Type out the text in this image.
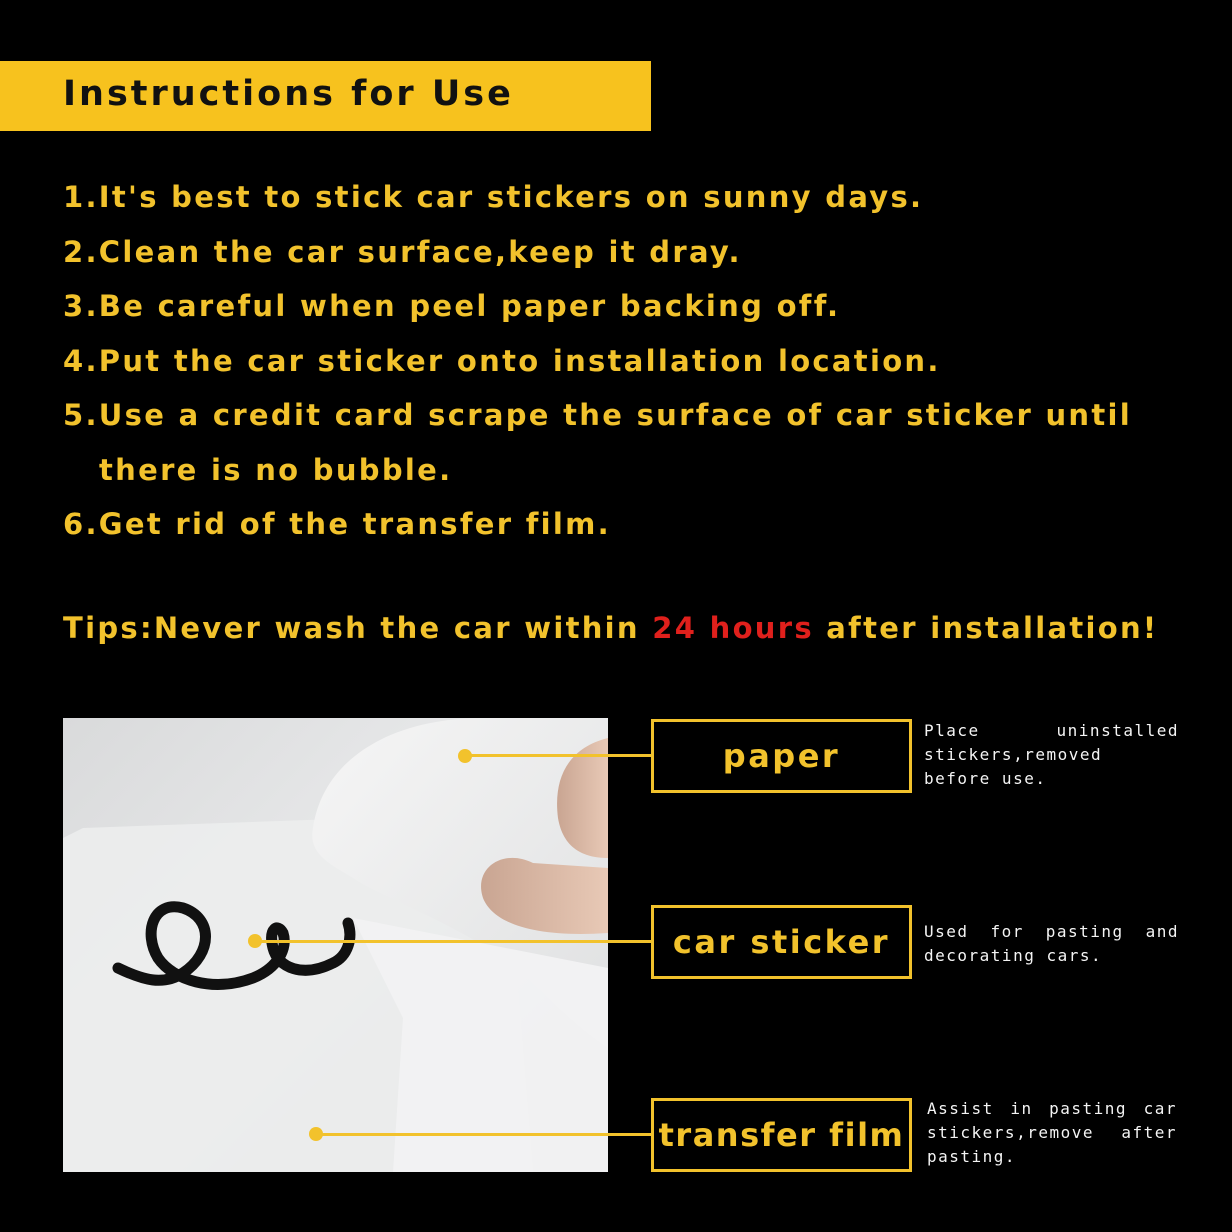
Instructions for Use
1.It's best to stick car stickers on sunny days.
2.Clean the car surface,keep it dray.
3.Be careful when peel paper backing off.
4.Put the car sticker onto installation location.
5.Use a credit card scrape the surface of car sticker until
there is no bubble.
6.Get rid of the transfer film.
Tips:Never wash the car within 24 hours after installation!
paper
car sticker
transfer film
Place uninstalled stickers,removed before use.
Used for pasting and decorating cars.
Assist in pasting car stickers,remove after pasting.
